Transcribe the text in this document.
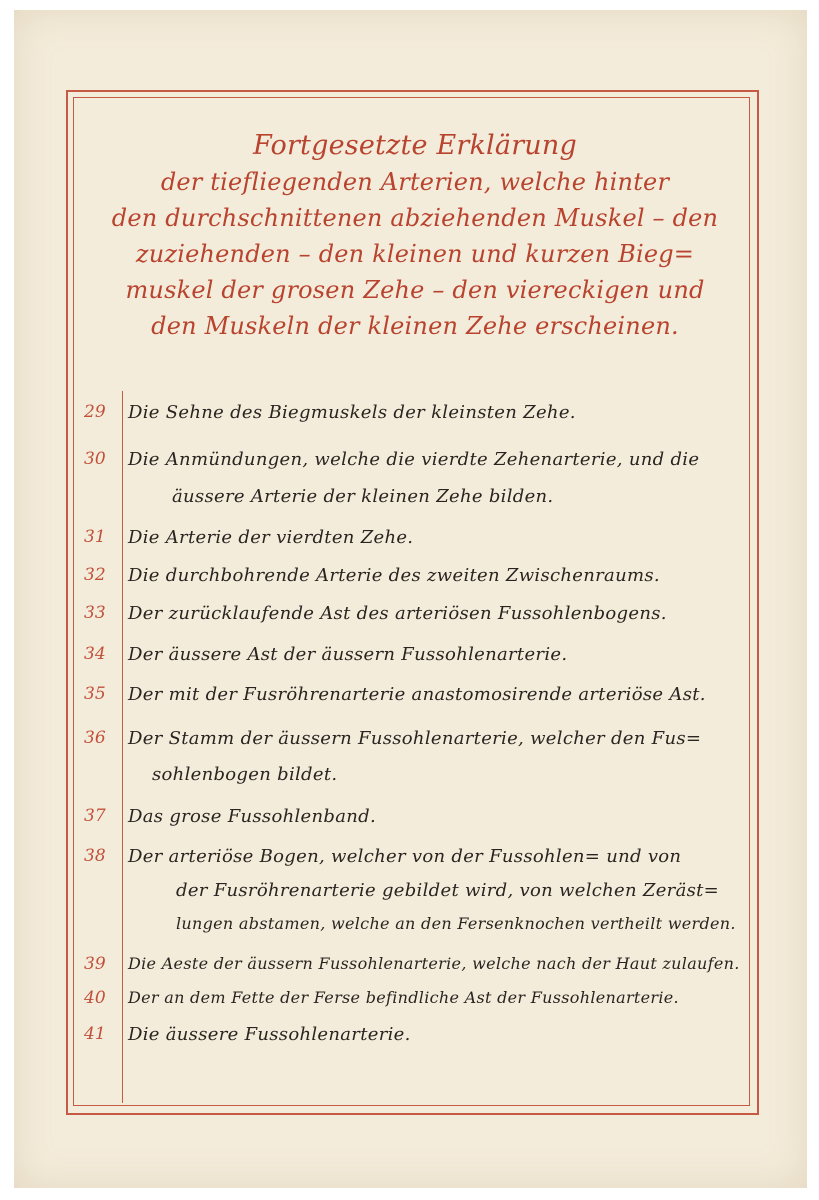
Fortgesetzte Erklärung
der tiefliegenden Arterien, welche hinter
den durchschnittenen abziehenden Muskel – den
zuziehenden – den kleinen und kurzen Bieg=
muskel der grosen Zehe – den viereckigen und
den Muskeln der kleinen Zehe erscheinen.
29	Die Sehne des Biegmuskels der kleinsten Zehe.
30	Die Anmündungen, welche die vierdte Zehenarterie, und die
äussere Arterie der kleinen Zehe bilden.
31	Die Arterie der vierdten Zehe.
32	Die durchbohrende Arterie des zweiten Zwischenraums.
33	Der zurücklaufende Ast des arteriösen Fussohlenbogens.
34	Der äussere Ast der äussern Fussohlenarterie.
35	Der mit der Fusröhrenarterie anastomosirende arteriöse Ast.
36	Der Stamm der äussern Fussohlenarterie, welcher den Fus=
sohlenbogen bildet.
37	Das grose Fussohlenband.
38	Der arteriöse Bogen, welcher von der Fussohlen= und von
der Fusröhrenarterie gebildet wird, von welchen Zeräst=
lungen abstamen, welche an den Fersenknochen vertheilt werden.
39	Die Aeste der äussern Fussohlenarterie, welche nach der Haut zulaufen.
40	Der an dem Fette der Ferse befindliche Ast der Fussohlenarterie.
41	Die äussere Fussohlenarterie.
